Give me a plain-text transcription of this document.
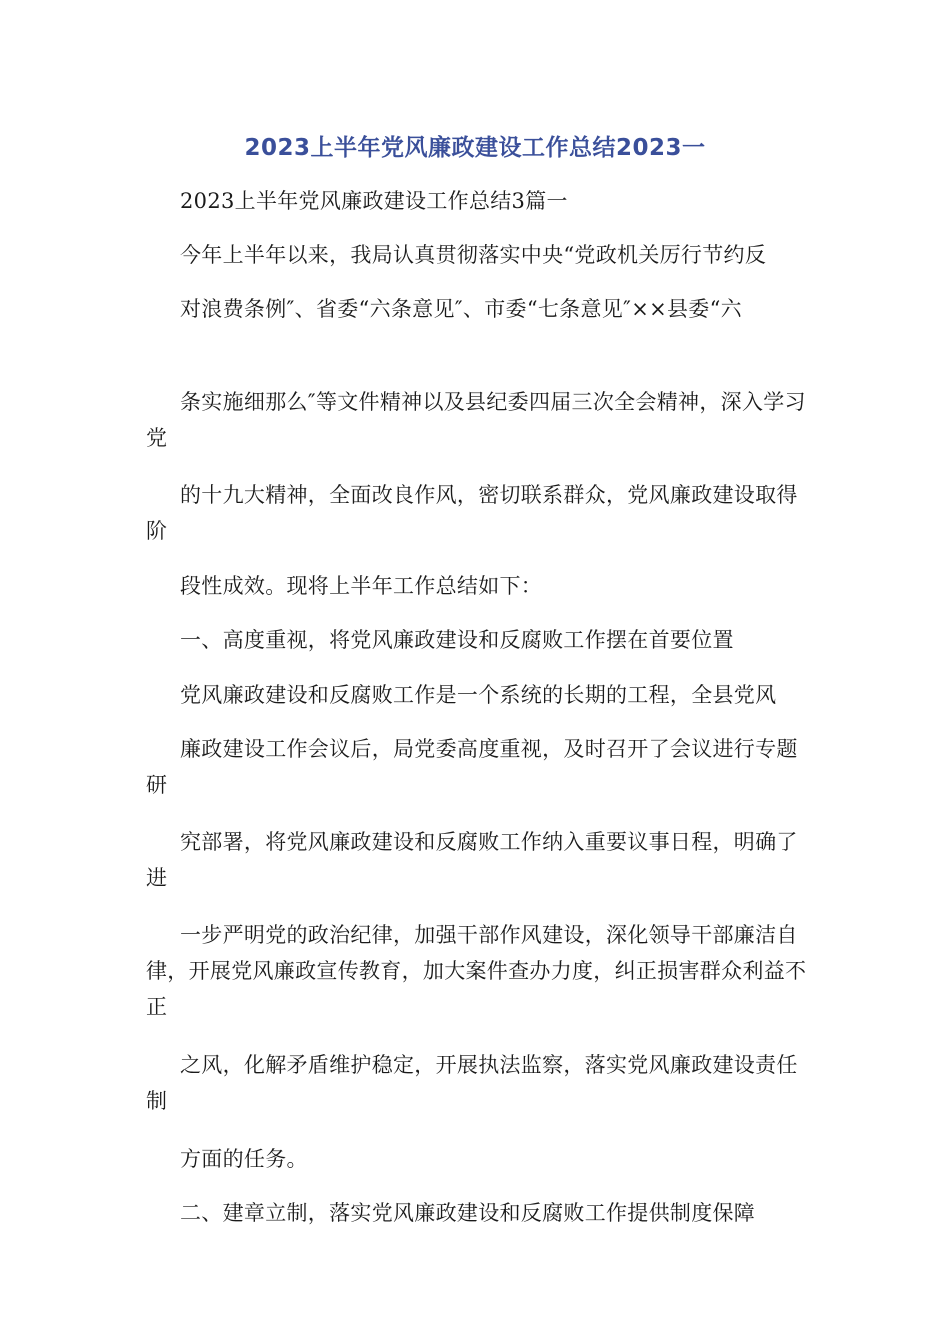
2023上半年党风廉政建设工作总结2023一
2023上半年党风廉政建设工作总结3篇一
今年上半年以来，我局认真贯彻落实中央“党政机关厉行节约反
对浪费条例″、省委“六条意见″、市委“七条意见″××县委“六
条实施细那么″等文件精神以及县纪委四届三次全会精神，深入学习党
的十九大精神，全面改良作风，密切联系群众，党风廉政建设取得阶
段性成效。现将上半年工作总结如下：
一、高度重视，将党风廉政建设和反腐败工作摆在首要位置
党风廉政建设和反腐败工作是一个系统的长期的工程，全县党风
廉政建设工作会议后，局党委高度重视，及时召开了会议进行专题研
究部署，将党风廉政建设和反腐败工作纳入重要议事日程，明确了进
一步严明党的政治纪律，加强干部作风建设，深化领导干部廉洁自律，开展党风廉政宣传教育，加大案件查办力度，纠正损害群众利益不正
之风，化解矛盾维护稳定，开展执法监察，落实党风廉政建设责任制
方面的任务。
二、建章立制，落实党风廉政建设和反腐败工作提供制度保障
